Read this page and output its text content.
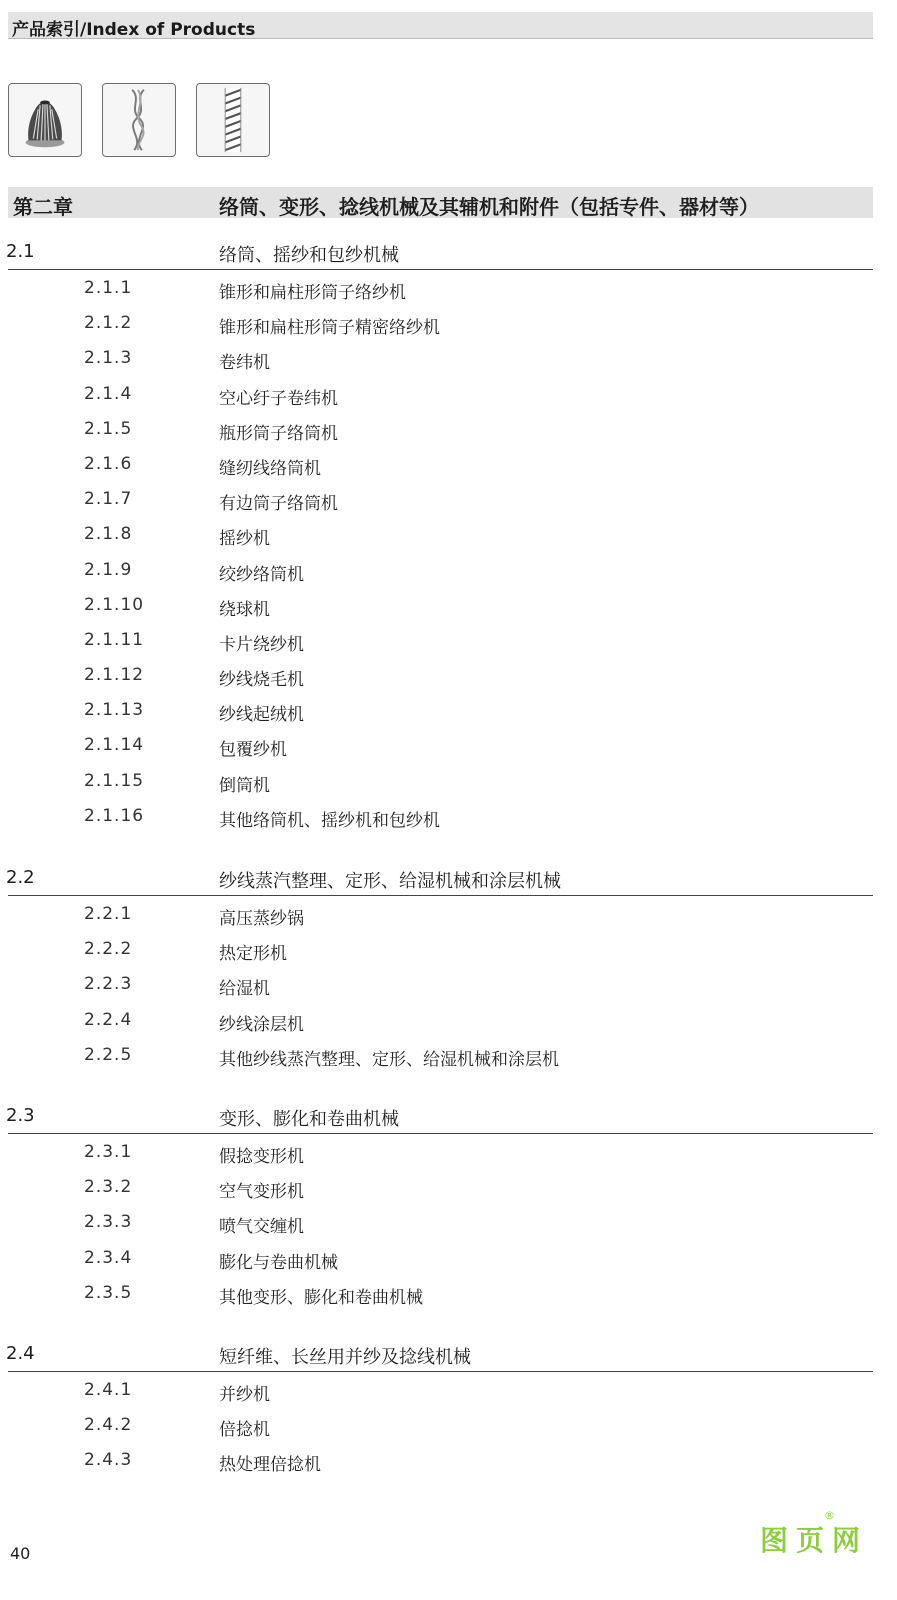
产品索引/Index of Products
第二章	络筒、变形、捻线机械及其辅机和附件（包括专件、器材等）
2.1	络筒、摇纱和包纱机械
2.1.1	锥形和扁柱形筒子络纱机
2.1.2	锥形和扁柱形筒子精密络纱机
2.1.3	卷纬机
2.1.4	空心纡子卷纬机
2.1.5	瓶形筒子络筒机
2.1.6	缝纫线络筒机
2.1.7	有边筒子络筒机
2.1.8	摇纱机
2.1.9	绞纱络筒机
2.1.10	绕球机
2.1.11	卡片绕纱机
2.1.12	纱线烧毛机
2.1.13	纱线起绒机
2.1.14	包覆纱机
2.1.15	倒筒机
2.1.16	其他络筒机、摇纱机和包纱机
2.2	纱线蒸汽整理、定形、给湿机械和涂层机械
2.2.1	高压蒸纱锅
2.2.2	热定形机
2.2.3	给湿机
2.2.4	纱线涂层机
2.2.5	其他纱线蒸汽整理、定形、给湿机械和涂层机
2.3	变形、膨化和卷曲机械
2.3.1	假捻变形机
2.3.2	空气变形机
2.3.3	喷气交缠机
2.3.4	膨化与卷曲机械
2.3.5	其他变形、膨化和卷曲机械
2.4	短纤维、长丝用并纱及捻线机械
2.4.1	并纱机
2.4.2	倍捻机
2.4.3	热处理倍捻机
40	图页网
®
